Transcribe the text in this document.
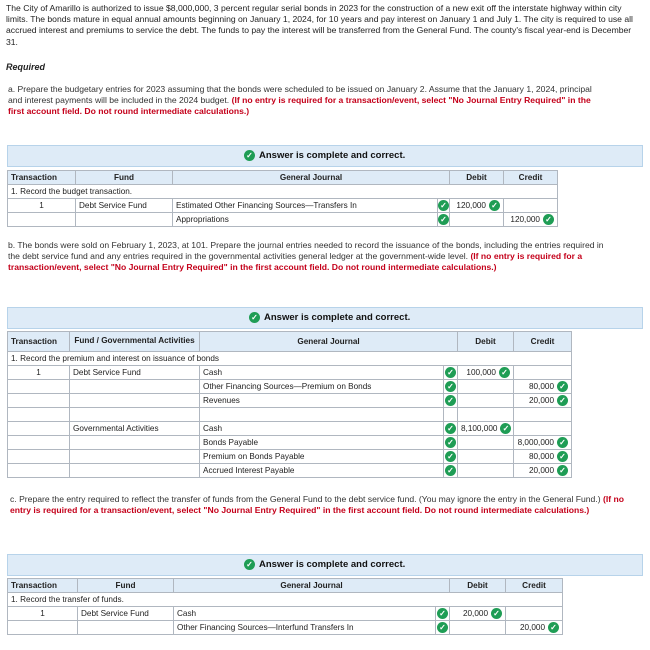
The City of Amarillo is authorized to issue $8,000,000, 3 percent regular serial bonds in 2023 for the construction of a new exit off the interstate highway within city limits. The bonds mature in equal annual amounts beginning on January 1, 2024, for 10 years and pay interest on January 1 and July 1. The city is required to use all accrued interest and premiums to service the debt. The funds to pay the interest will be transferred from the General Fund. The county's fiscal year-end is December 31.
Required
a. Prepare the budgetary entries for 2023 assuming that the bonds were scheduled to be issued on January 2. Assume that the January 1, 2024, principal and interest payments will be included in the 2024 budget. (If no entry is required for a transaction/event, select "No Journal Entry Required" in the first account field. Do not round intermediate calculations.)
✓ Answer is complete and correct.
Transaction	Fund	General Journal		Debit	Credit
1. Record the budget transaction.					
1	Debt Service Fund	Estimated Other Financing Sources—Transfers In	✓	120,000 ✓	

		Appropriations	✓		120,000 ✓
b. The bonds were sold on February 1, 2023, at 101. Prepare the journal entries needed to record the issuance of the bonds, including the entries required in the debt service fund and any entries required in the governmental activities general ledger at the government-wide level. (If no entry is required for a transaction/event, select "No Journal Entry Required" in the first account field. Do not round intermediate calculations.)
✓ Answer is complete and correct.
Transaction	Fund / Governmental Activities	General Journal		Debit	Credit
1. Record the premium and interest on issuance of bonds					
1	Debt Service Fund	Cash	✓	100,000 ✓	

		Other Financing Sources—Premium on Bonds	✓		80,000 ✓

		Revenues	✓		20,000 ✓

	Governmental Activities	Cash	✓	8,100,000 ✓	

		Bonds Payable	✓		8,000,000 ✓

		Premium on Bonds Payable	✓		80,000 ✓

		Accrued Interest Payable	✓		20,000 ✓
c. Prepare the entry required to reflect the transfer of funds from the General Fund to the debt service fund. (You may ignore the entry in the General Fund.) (If no entry is required for a transaction/event, select "No Journal Entry Required" in the first account field. Do not round intermediate calculations.)
✓ Answer is complete and correct.
Transaction	Fund	General Journal		Debit	Credit
1. Record the transfer of funds.					
1	Debt Service Fund	Cash	✓	20,000 ✓	

		Other Financing Sources—Interfund Transfers In	✓		20,000 ✓
